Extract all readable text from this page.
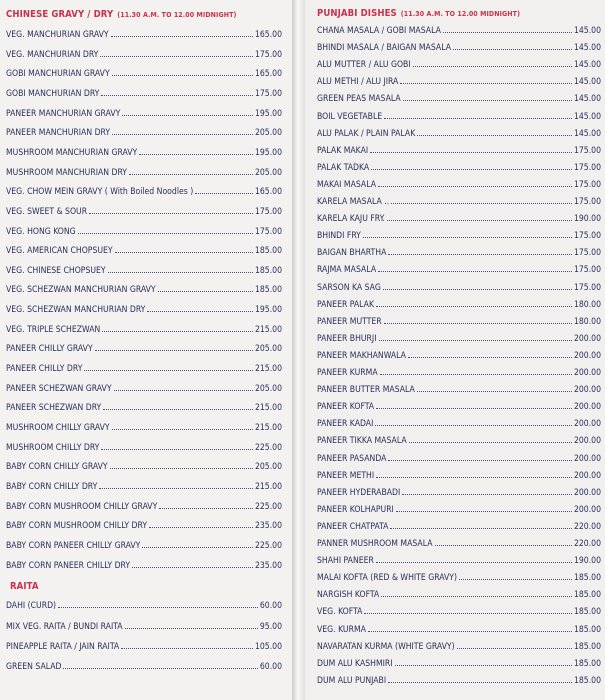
CHINESE GRAVY / DRY (11.30 A.M. TO 12.00 MIDNIGHT)
RAITA
VEG. MANCHURIAN GRAVY	165.00
VEG. MANCHURIAN DRY	175.00
GOBI MANCHURIAN GRAVY	165.00
GOBI MANCHURIAN DRY	175.00
PANEER MANCHURIAN GRAVY	195.00
PANEER MANCHURIAN DRY	205.00
MUSHROOM MANCHURIAN GRAVY	195.00
MUSHROOM MANCHURIAN DRY	205.00
VEG. CHOW MEIN GRAVY ( With Boiled Noodles )	165.00
VEG. SWEET & SOUR	175.00
VEG. HONG KONG	175.00
VEG. AMERICAN CHOPSUEY	185.00
VEG. CHINESE CHOPSUEY	185.00
VEG. SCHEZWAN MANCHURIAN GRAVY	185.00
VEG. SCHEZWAN MANCHURIAN DRY	195.00
VEG. TRIPLE SCHEZWAN	215.00
PANEER CHILLY GRAVY	205.00
PANEER CHILLY DRY	215.00
PANEER SCHEZWAN GRAVY	205.00
PANEER SCHEZWAN DRY	215.00
MUSHROOM CHILLY GRAVY	215.00
MUSHROOM CHILLY DRY	225.00
BABY CORN CHILLY GRAVY	205.00
BABY CORN CHILLY DRY	215.00
BABY CORN MUSHROOM CHILLY GRAVY	225.00
BABY CORN MUSHROOM CHILLY DRY	235.00
BABY CORN PANEER CHILLY GRAVY	225.00
BABY CORN PANEER CHILLY DRY	235.00
DAHI (CURD)	60.00
MIX VEG. RAITA / BUNDI RAITA	95.00
PINEAPPLE RAITA / JAIN RAITA	105.00
GREEN SALAD	60.00
PUNJABI DISHES (11.30 A.M. TO 12.00 MIDNIGHT)
CHANA MASALA / GOBI MASALA	145.00
BHINDI MASALA / BAIGAN MASALA	145.00
ALU MUTTER / ALU GOBI	145.00
ALU METHI / ALU JIRA	145.00
GREEN PEAS MASALA	145.00
BOIL VEGETABLE	145.00
ALU PALAK / PLAIN PALAK	145.00
PALAK MAKAI	175.00
PALAK TADKA	175.00
MAKAI MASALA	175.00
KARELA MASALA ..	175.00
KARELA KAJU FRY.	190.00
BHINDI FRY	175.00
BAIGAN BHARTHA	175.00
RAJMA MASALA	175.00
SARSON KA SAG	175.00
PANEER PALAK	180.00
PANEER MUTTER	180.00
PANEER BHURJI	200.00
PANEER MAKHANWALA	200.00
PANEER KURMA	200.00
PANEER BUTTER MASALA	200.00
PANEER KOFTA	200.00
PANEER KADAI	200.00
PANEER TIKKA MASALA	200.00
PANEER PASANDA	200.00
PANEER METHI	200.00
PANEER HYDERABADI	200.00
PANEER KOLHAPURI	200.00
PANEER CHATPATA	220.00
PANNER MUSHROOM MASALA	220.00
SHAHI PANEER	190.00
MALAI KOFTA (RED & WHITE GRAVY)	185.00
NARGISH KOFTA	185.00
VEG. KOFTA	185.00
VEG. KURMA	185.00
NAVARATAN KURMA (WHITE GRAVY)	185.00
DUM ALU KASHMIRI	185.00
DUM ALU PUNJABI	185.00
